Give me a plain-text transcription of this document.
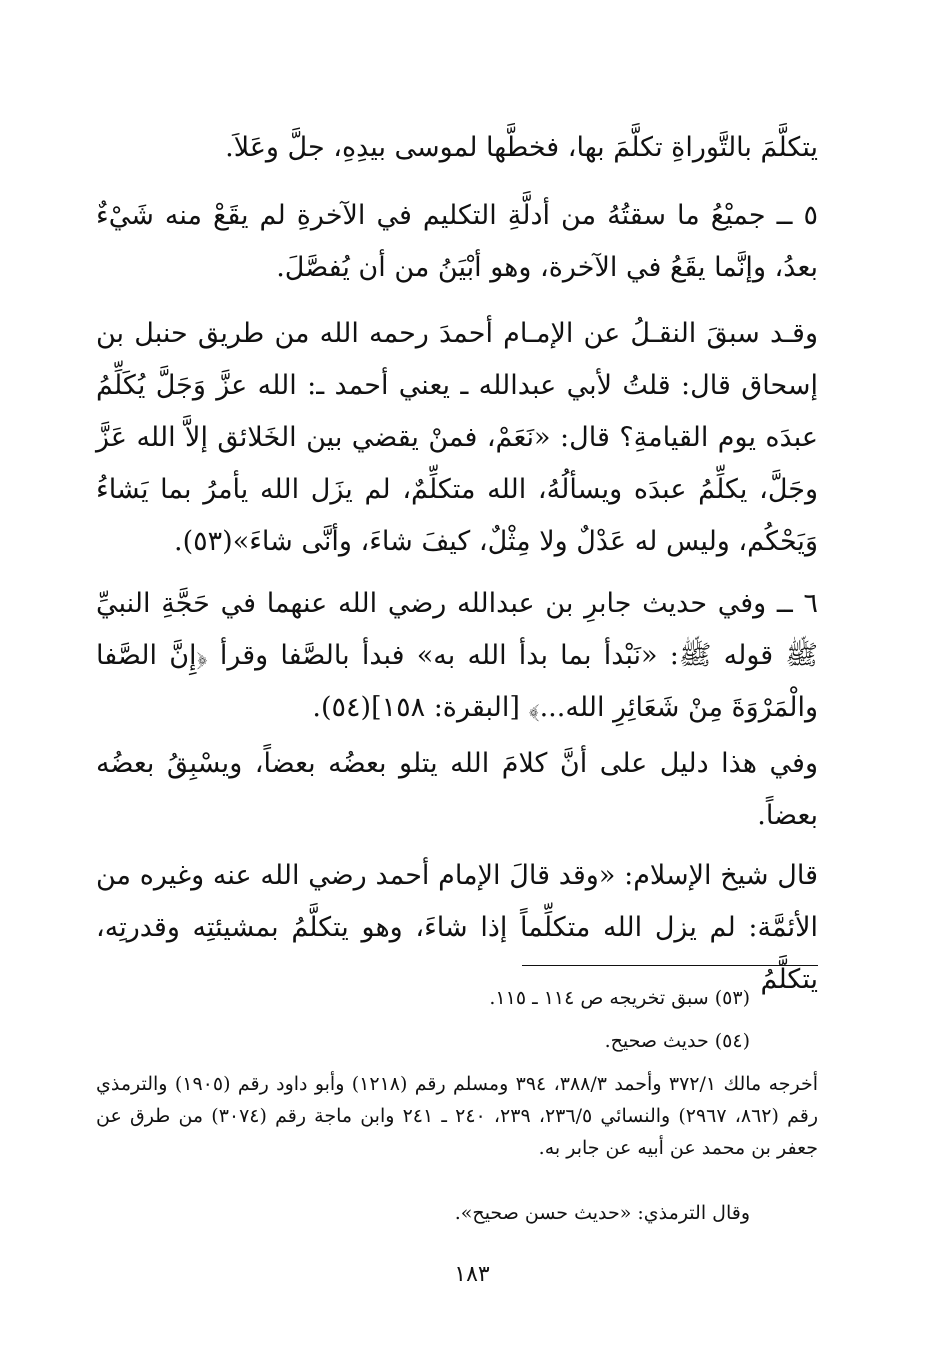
يتكلَّمَ بالتَّوراةِ تكلَّمَ بها، فخطَّها لموسى بيدِهِ، جلَّ وعَلاَ.

٥ ــ جميْعُ ما سقتُهُ من أدلَّةِ التكليم في الآخرةِ لم يقَعْ منه شَيْءٌ بعدُ، وإنَّما يقَعُ في الآخرة، وهو أبْيَنُ من أن يُفصَّلَ.

وقـد سبقَ النقـلُ عن الإمـام أحمدَ رحمه الله من طريق حنبل بن إسحاق قال: قلتُ لأبي عبدالله ـ يعني أحمد ـ: الله عزَّ وَجَلَّ يُكَلِّمُ عبدَه يوم القيامةِ؟ قال: «نَعَمْ، فمنْ يقضي بين الخَلائق إلاَّ الله عَزَّ وجَلَّ، يكلِّمُ عبدَه ويسألُهُ، الله متكلِّمٌ، لم يزَل الله يأمرُ بما يَشاءُ وَيَحْكُم، وليس له عَدْلٌ ولا مِثْلٌ، كيفَ شاءَ، وأنَّى شاءَ»(٥٣).

٦ ــ وفي حديث جابرِ بن عبدالله رضي الله عنهما في حَجَّةِ النبيِّ ﷺ قوله ﷺ: «نَبْدأ بما بدأ الله به» فبدأ بالصَّفا وقرأ ﴿إِنَّ الصَّفا والْمَرْوَةَ مِنْ شَعَائِرِ الله...﴾ [البقرة: ١٥٨](٥٤).

وفي هذا دليل على أنَّ كلامَ الله يتلو بعضُه بعضاً، ويسْبِقُ بعضُه بعضاً.

قال شيخ الإسلام: «وقد قالَ الإمام أحمد رضي الله عنه وغيره من الأئمَّة: لم يزل الله متكلِّماً إذا شاءَ، وهو يتكلَّمُ بمشيئتِه وقدرتِه، يتكلَّمُ

(٥٣) سبق تخريجه ص ١١٤ ـ ١١٥.

(٥٤) حديث صحيح.

أخرجه مالك ٣٧٢/١ وأحمد ٣٨٨/٣، ٣٩٤ ومسلم رقم (١٢١٨) وأبو داود رقم (١٩٠٥) والترمذي رقم (٨٦٢، ٢٩٦٧) والنسائي ٢٣٦/٥، ٢٣٩، ٢٤٠ ـ ٢٤١ وابن ماجة رقم (٣٠٧٤) من طرق عن جعفر بن محمد عن أبيه عن جابر به.

وقال الترمذي: «حديث حسن صحيح».

١٨٣
